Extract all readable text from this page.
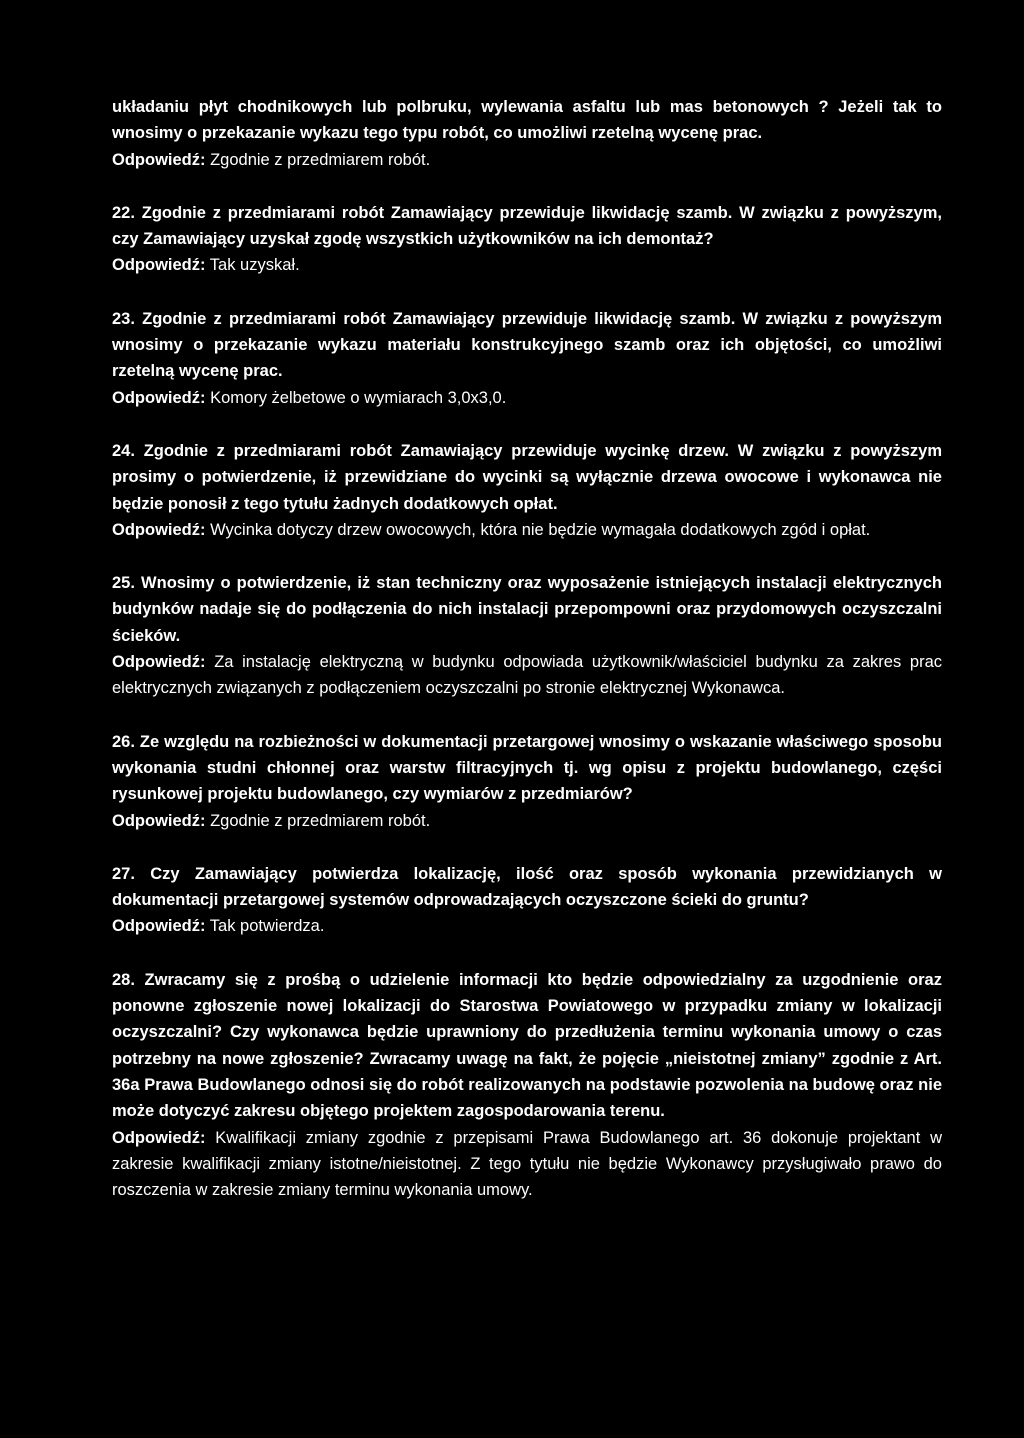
układaniu płyt chodnikowych lub polbruku, wylewania asfaltu lub mas betonowych ? Jeżeli tak to wnosimy o przekazanie wykazu tego typu robót, co umożliwi rzetelną wycenę prac.

Odpowiedź: Zgodnie z przedmiarem robót.

22. Zgodnie z przedmiarami robót Zamawiający przewiduje likwidację szamb. W związku z powyższym, czy Zamawiający uzyskał zgodę wszystkich użytkowników na ich demontaż?

Odpowiedź: Tak uzyskał.

23. Zgodnie z przedmiarami robót Zamawiający przewiduje likwidację szamb. W związku z powyższym wnosimy o przekazanie wykazu materiału konstrukcyjnego szamb oraz ich objętości, co umożliwi rzetelną wycenę prac.

Odpowiedź: Komory żelbetowe o wymiarach 3,0x3,0.

24. Zgodnie z przedmiarami robót Zamawiający przewiduje wycinkę drzew. W związku z powyższym prosimy o potwierdzenie, iż przewidziane do wycinki są wyłącznie drzewa owocowe i wykonawca nie będzie ponosił z tego tytułu żadnych dodatkowych opłat.

Odpowiedź: Wycinka dotyczy drzew owocowych, która nie będzie wymagała dodatkowych zgód i opłat.

25. Wnosimy o potwierdzenie, iż stan techniczny oraz wyposażenie istniejących instalacji elektrycznych budynków nadaje się do podłączenia do nich instalacji przepompowni oraz przydomowych oczyszczalni ścieków.

Odpowiedź: Za instalację elektryczną w budynku odpowiada użytkownik/właściciel budynku za zakres prac elektrycznych związanych z podłączeniem oczyszczalni po stronie elektrycznej Wykonawca.

26. Ze względu na rozbieżności w dokumentacji przetargowej wnosimy o wskazanie właściwego sposobu wykonania studni chłonnej oraz warstw filtracyjnych tj. wg opisu z projektu budowlanego, części rysunkowej projektu budowlanego, czy wymiarów z przedmiarów?

Odpowiedź: Zgodnie z przedmiarem robót.

27. Czy Zamawiający potwierdza lokalizację, ilość oraz sposób wykonania przewidzianych w dokumentacji przetargowej systemów odprowadzających oczyszczone ścieki do gruntu?

Odpowiedź: Tak potwierdza.

28. Zwracamy się z prośbą o udzielenie informacji kto będzie odpowiedzialny za uzgodnienie oraz ponowne zgłoszenie nowej lokalizacji do Starostwa Powiatowego w przypadku zmiany w lokalizacji oczyszczalni? Czy wykonawca będzie uprawniony do przedłużenia terminu wykonania umowy o czas potrzebny na nowe zgłoszenie? Zwracamy uwagę na fakt, że pojęcie „nieistotnej zmiany” zgodnie z Art. 36a Prawa Budowlanego odnosi się do robót realizowanych na podstawie pozwolenia na budowę oraz nie może dotyczyć zakresu objętego projektem zagospodarowania terenu.

Odpowiedź: Kwalifikacji zmiany zgodnie z przepisami Prawa Budowlanego art. 36 dokonuje projektant w zakresie kwalifikacji zmiany istotne/nieistotnej. Z tego tytułu nie będzie Wykonawcy przysługiwało prawo do roszczenia w zakresie zmiany terminu wykonania umowy.
